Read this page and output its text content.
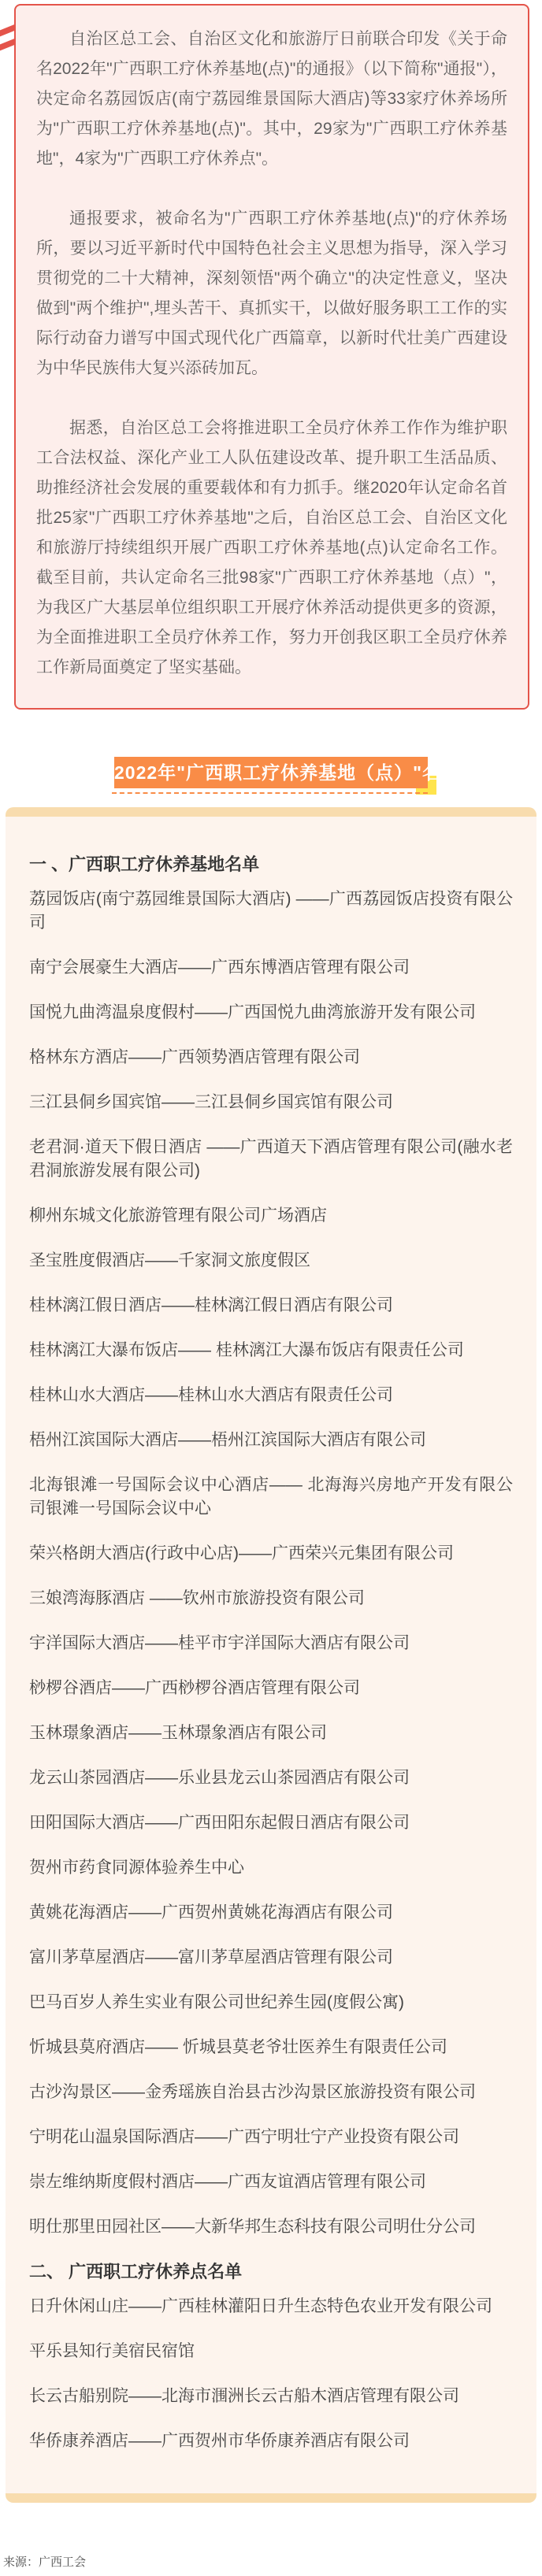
自治区总工会、自治区文化和旅游厅日前联合印发《关于命名2022年"广西职工疗休养基地(点)"的通报》（以下简称"通报"），决定命名荔园饭店(南宁荔园维景国际大酒店)等33家疗休养场所为"广西职工疗休养基地(点)"。其中，29家为"广西职工疗休养基地"，4家为"广西职工疗休养点"。

通报要求，被命名为"广西职工疗休养基地(点)"的疗休养场所，要以习近平新时代中国特色社会主义思想为指导，深入学习贯彻党的二十大精神，深刻领悟"两个确立"的决定性意义，坚决做到"两个维护",埋头苦干、真抓实干，以做好服务职工工作的实际行动奋力谱写中国式现代化广西篇章，以新时代壮美广西建设为中华民族伟大复兴添砖加瓦。

据悉，自治区总工会将推进职工全员疗休养工作作为维护职工合法权益、深化产业工人队伍建设改革、提升职工生活品质、助推经济社会发展的重要载体和有力抓手。继2020年认定命名首批25家"广西职工疗休养基地"之后，自治区总工会、自治区文化和旅游厅持续组织开展广西职工疗休养基地(点)认定命名工作。截至目前，共认定命名三批98家"广西职工疗休养基地（点）"，为我区广大基层单位组织职工开展疗休养活动提供更多的资源，为全面推进职工全员疗休养工作，努力开创我区职工全员疗休养工作新局面奠定了坚实基础。

2022年"广西职工疗休养基地（点）"名单
一 、广西职工疗休养基地名单
荔园饭店(南宁荔园维景国际大酒店) ——广西荔园饭店投资有限公司
南宁会展豪生大酒店——广西东博酒店管理有限公司
国悦九曲湾温泉度假村——广西国悦九曲湾旅游开发有限公司
格林东方酒店——广西领势酒店管理有限公司
三江县侗乡国宾馆——三江县侗乡国宾馆有限公司
老君洞·道天下假日酒店 ——广西道天下酒店管理有限公司(融水老君洞旅游发展有限公司)
柳州东城文化旅游管理有限公司广场酒店
圣宝胜度假酒店——千家洞文旅度假区
桂林漓江假日酒店——桂林漓江假日酒店有限公司
桂林漓江大瀑布饭店—— 桂林漓江大瀑布饭店有限责任公司
桂林山水大酒店——桂林山水大酒店有限责任公司
梧州江滨国际大酒店——梧州江滨国际大酒店有限公司
北海银滩一号国际会议中心酒店—— 北海海兴房地产开发有限公司银滩一号国际会议中心
荣兴格朗大酒店(行政中心店)——广西荣兴元集团有限公司
三娘湾海豚酒店 ——钦州市旅游投资有限公司
宇洋国际大酒店——桂平市宇洋国际大酒店有限公司
桫椤谷酒店——广西桫椤谷酒店管理有限公司
玉林璟象酒店——玉林璟象酒店有限公司
龙云山茶园酒店——乐业县龙云山茶园酒店有限公司
田阳国际大酒店——广西田阳东起假日酒店有限公司
贺州市药食同源体验养生中心
黄姚花海酒店——广西贺州黄姚花海酒店有限公司
富川茅草屋酒店——富川茅草屋酒店管理有限公司
巴马百岁人养生实业有限公司世纪养生园(度假公寓)
忻城县莫府酒店—— 忻城县莫老爷壮医养生有限责任公司
古沙沟景区——金秀瑶族自治县古沙沟景区旅游投资有限公司
宁明花山温泉国际酒店——广西宁明壮宁产业投资有限公司
崇左维纳斯度假村酒店——广西友谊酒店管理有限公司
明仕那里田园社区——大新华邦生态科技有限公司明仕分公司
二、 广西职工疗休养点名单
日升休闲山庄——广西桂林灌阳日升生态特色农业开发有限公司
平乐县知行美宿民宿馆
长云古船别院——北海市涠洲长云古船木酒店管理有限公司
华侨康养酒店——广西贺州市华侨康养酒店有限公司
来源：广西工会
